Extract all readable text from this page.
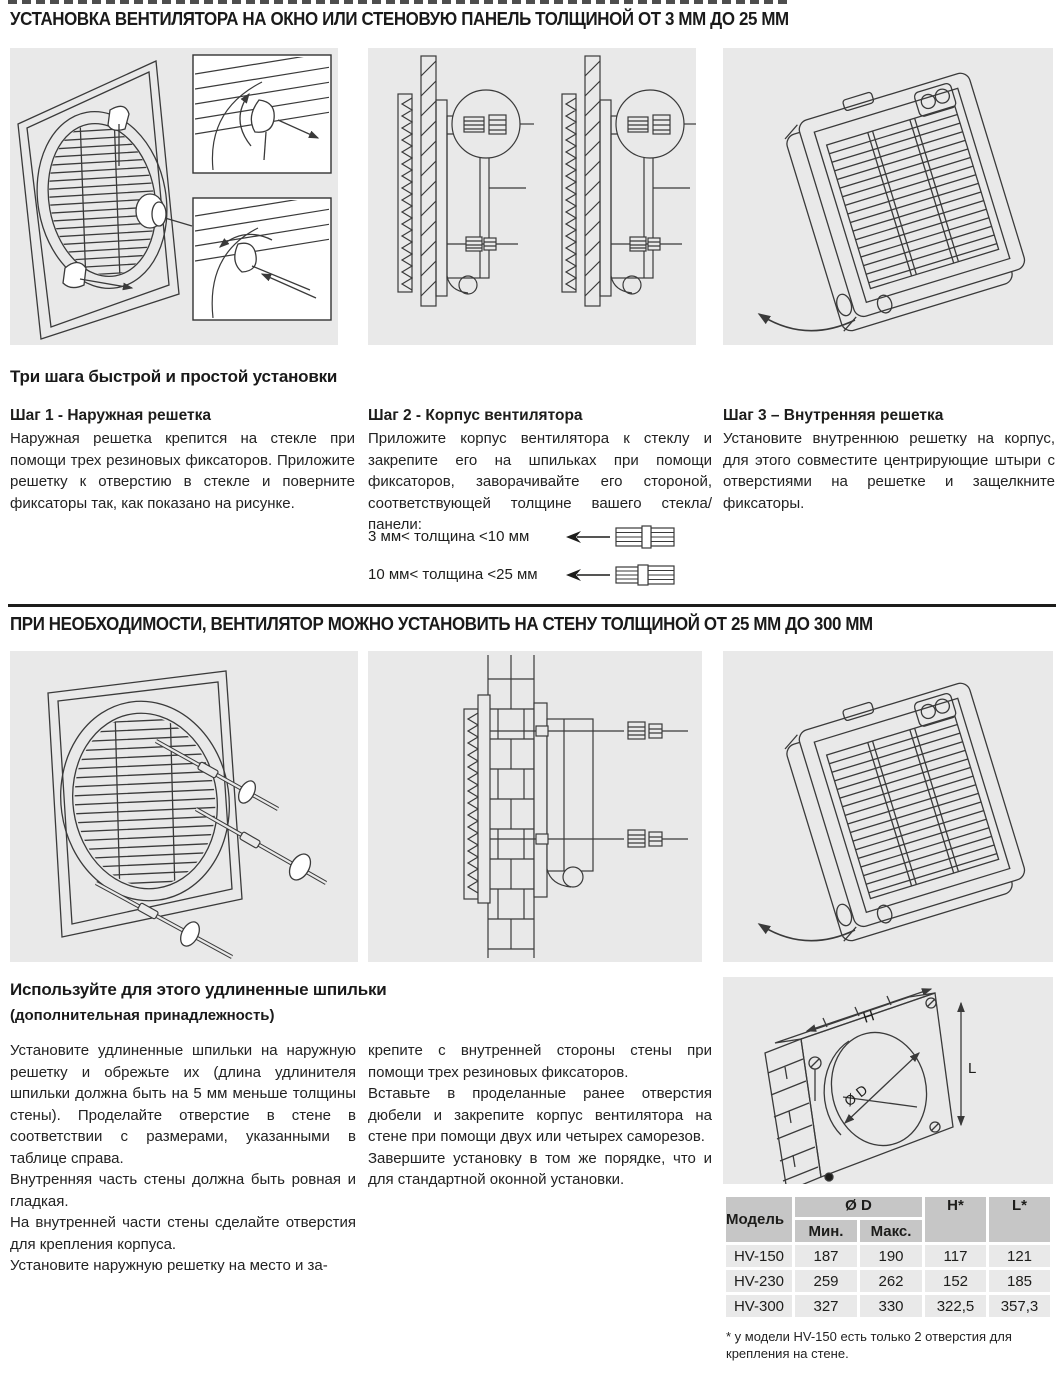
УСТАНОВКА ВЕНТИЛЯТОРА НА ОКНО ИЛИ СТЕНОВУЮ ПАНЕЛЬ ТОЛЩИНОЙ ОТ 3 ММ ДО 25 ММ
Три шага быстрой и простой установки

Шаг 1 - Наружная решетка

Наружная решетка крепится на стекле при помощи трех резиновых фиксаторов. Приложите решетку к отверстию в стекле и поверните фиксаторы так, как показано на рисунке.

Шаг 2 - Корпус вентилятора

Приложите корпус вентилятора к стеклу и закрепите его на шпильках при помощи фиксаторов, заворачивайте его стороной, соответствующей толщине вашего стекла/панели:

Шаг 3 – Внутренняя решетка

Установите внутреннюю решетку на корпус, для этого совместите центрирующие штыри с отверстиями на решетке и защелкните фиксаторы.
3 мм< толщина <10 мм
10 мм< толщина <25 мм
ПРИ НЕОБХОДИМОСТИ, ВЕНТИЛЯТОР МОЖНО УСТАНОВИТЬ НА СТЕНУ ТОЛЩИНОЙ ОТ 25 ММ ДО 300 ММ
Используйте для этого удлиненные шпильки
(дополнительная принадлежность)

Установите удлиненные шпильки на наружную решетку и обрежьте их (длина удлинителя шпильки должна быть на 5 мм меньше толщины стены). Проделайте отверстие в стене в соответствии с размерами, указанными в таблице справа.

Внутренняя часть стены должна быть ровная и гладкая.

На внутренней части стены сделайте отверстия для крепления корпуса.

Установите наружную решетку на место и за-

крепите с внутренней стороны стены при помощи трех резиновых фиксаторов.

Вставьте в проделанные ранее отверстия дюбели и закрепите корпус вентилятора на стене при помощи двух или четырех саморезов.

Завершите установку в том же порядке, что и для стандартной оконной установки.

H
L
Ø D
Модель	Ø D		H*	L*
	Мин.	Макс.		
HV-150	187	190	117	121
HV-230	259	262	152	185
HV-300	327	330	322,5	357,3
* у модели HV-150 есть только 2 отверстия для крепления на стене.
